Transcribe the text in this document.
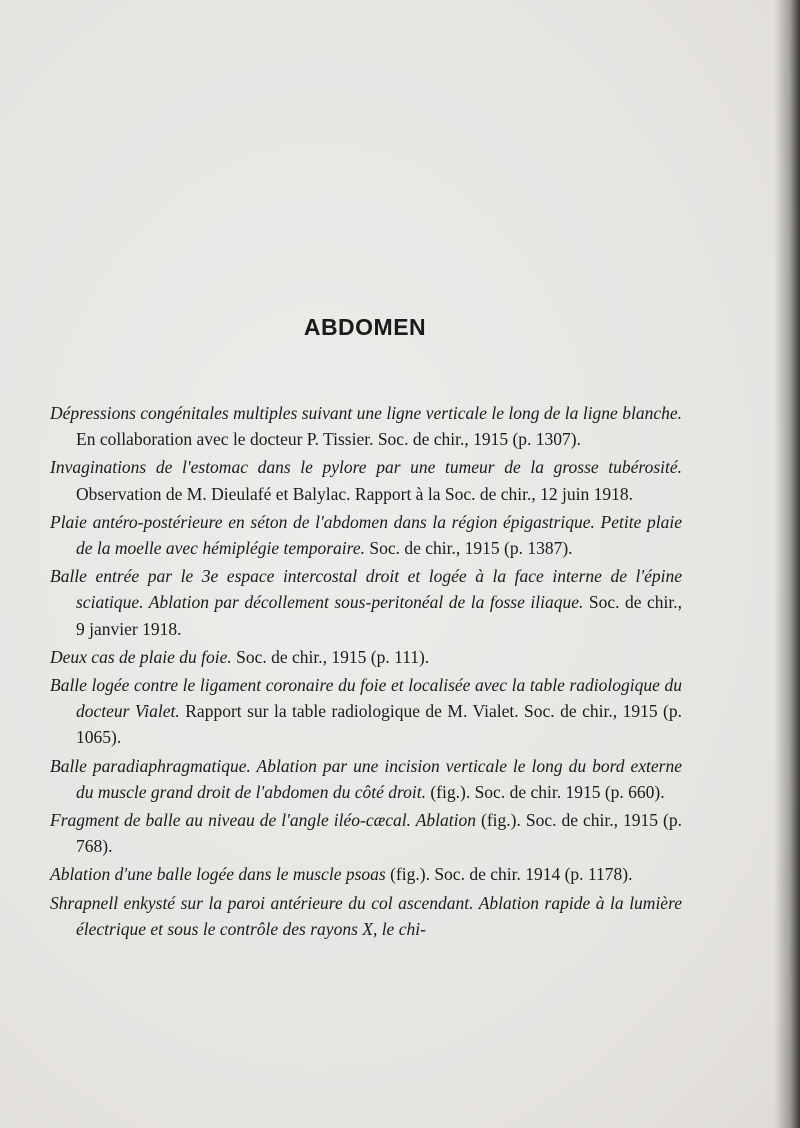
ABDOMEN

Dépressions congénitales multiples suivant une ligne verticale le long de la ligne blanche. En collaboration avec le docteur P. Tissier. Soc. de chir., 1915 (p. 1307).

Invaginations de l'estomac dans le pylore par une tumeur de la grosse tubérosité. Observation de M. Dieulafé et Balylac. Rapport à la Soc. de chir., 12 juin 1918.

Plaie antéro-postérieure en séton de l'abdomen dans la région épigastrique. Petite plaie de la moelle avec hémiplégie temporaire. Soc. de chir., 1915 (p. 1387).

Balle entrée par le 3e espace intercostal droit et logée à la face interne de l'épine sciatique. Ablation par décollement sous-peritonéal de la fosse iliaque. Soc. de chir., 9 janvier 1918.

Deux cas de plaie du foie. Soc. de chir., 1915 (p. 111).

Balle logée contre le ligament coronaire du foie et localisée avec la table radiologique du docteur Vialet. Rapport sur la table radiologique de M. Vialet. Soc. de chir., 1915 (p. 1065).

Balle paradiaphragmatique. Ablation par une incision verticale le long du bord externe du muscle grand droit de l'abdomen du côté droit. (fig.). Soc. de chir. 1915 (p. 660).

Fragment de balle au niveau de l'angle iléo-cæcal. Ablation (fig.). Soc. de chir., 1915 (p. 768).

Ablation d'une balle logée dans le muscle psoas (fig.). Soc. de chir. 1914 (p. 1178).

Shrapnell enkysté sur la paroi antérieure du col ascendant. Ablation rapide à la lumière électrique et sous le contrôle des rayons X, le chi-
